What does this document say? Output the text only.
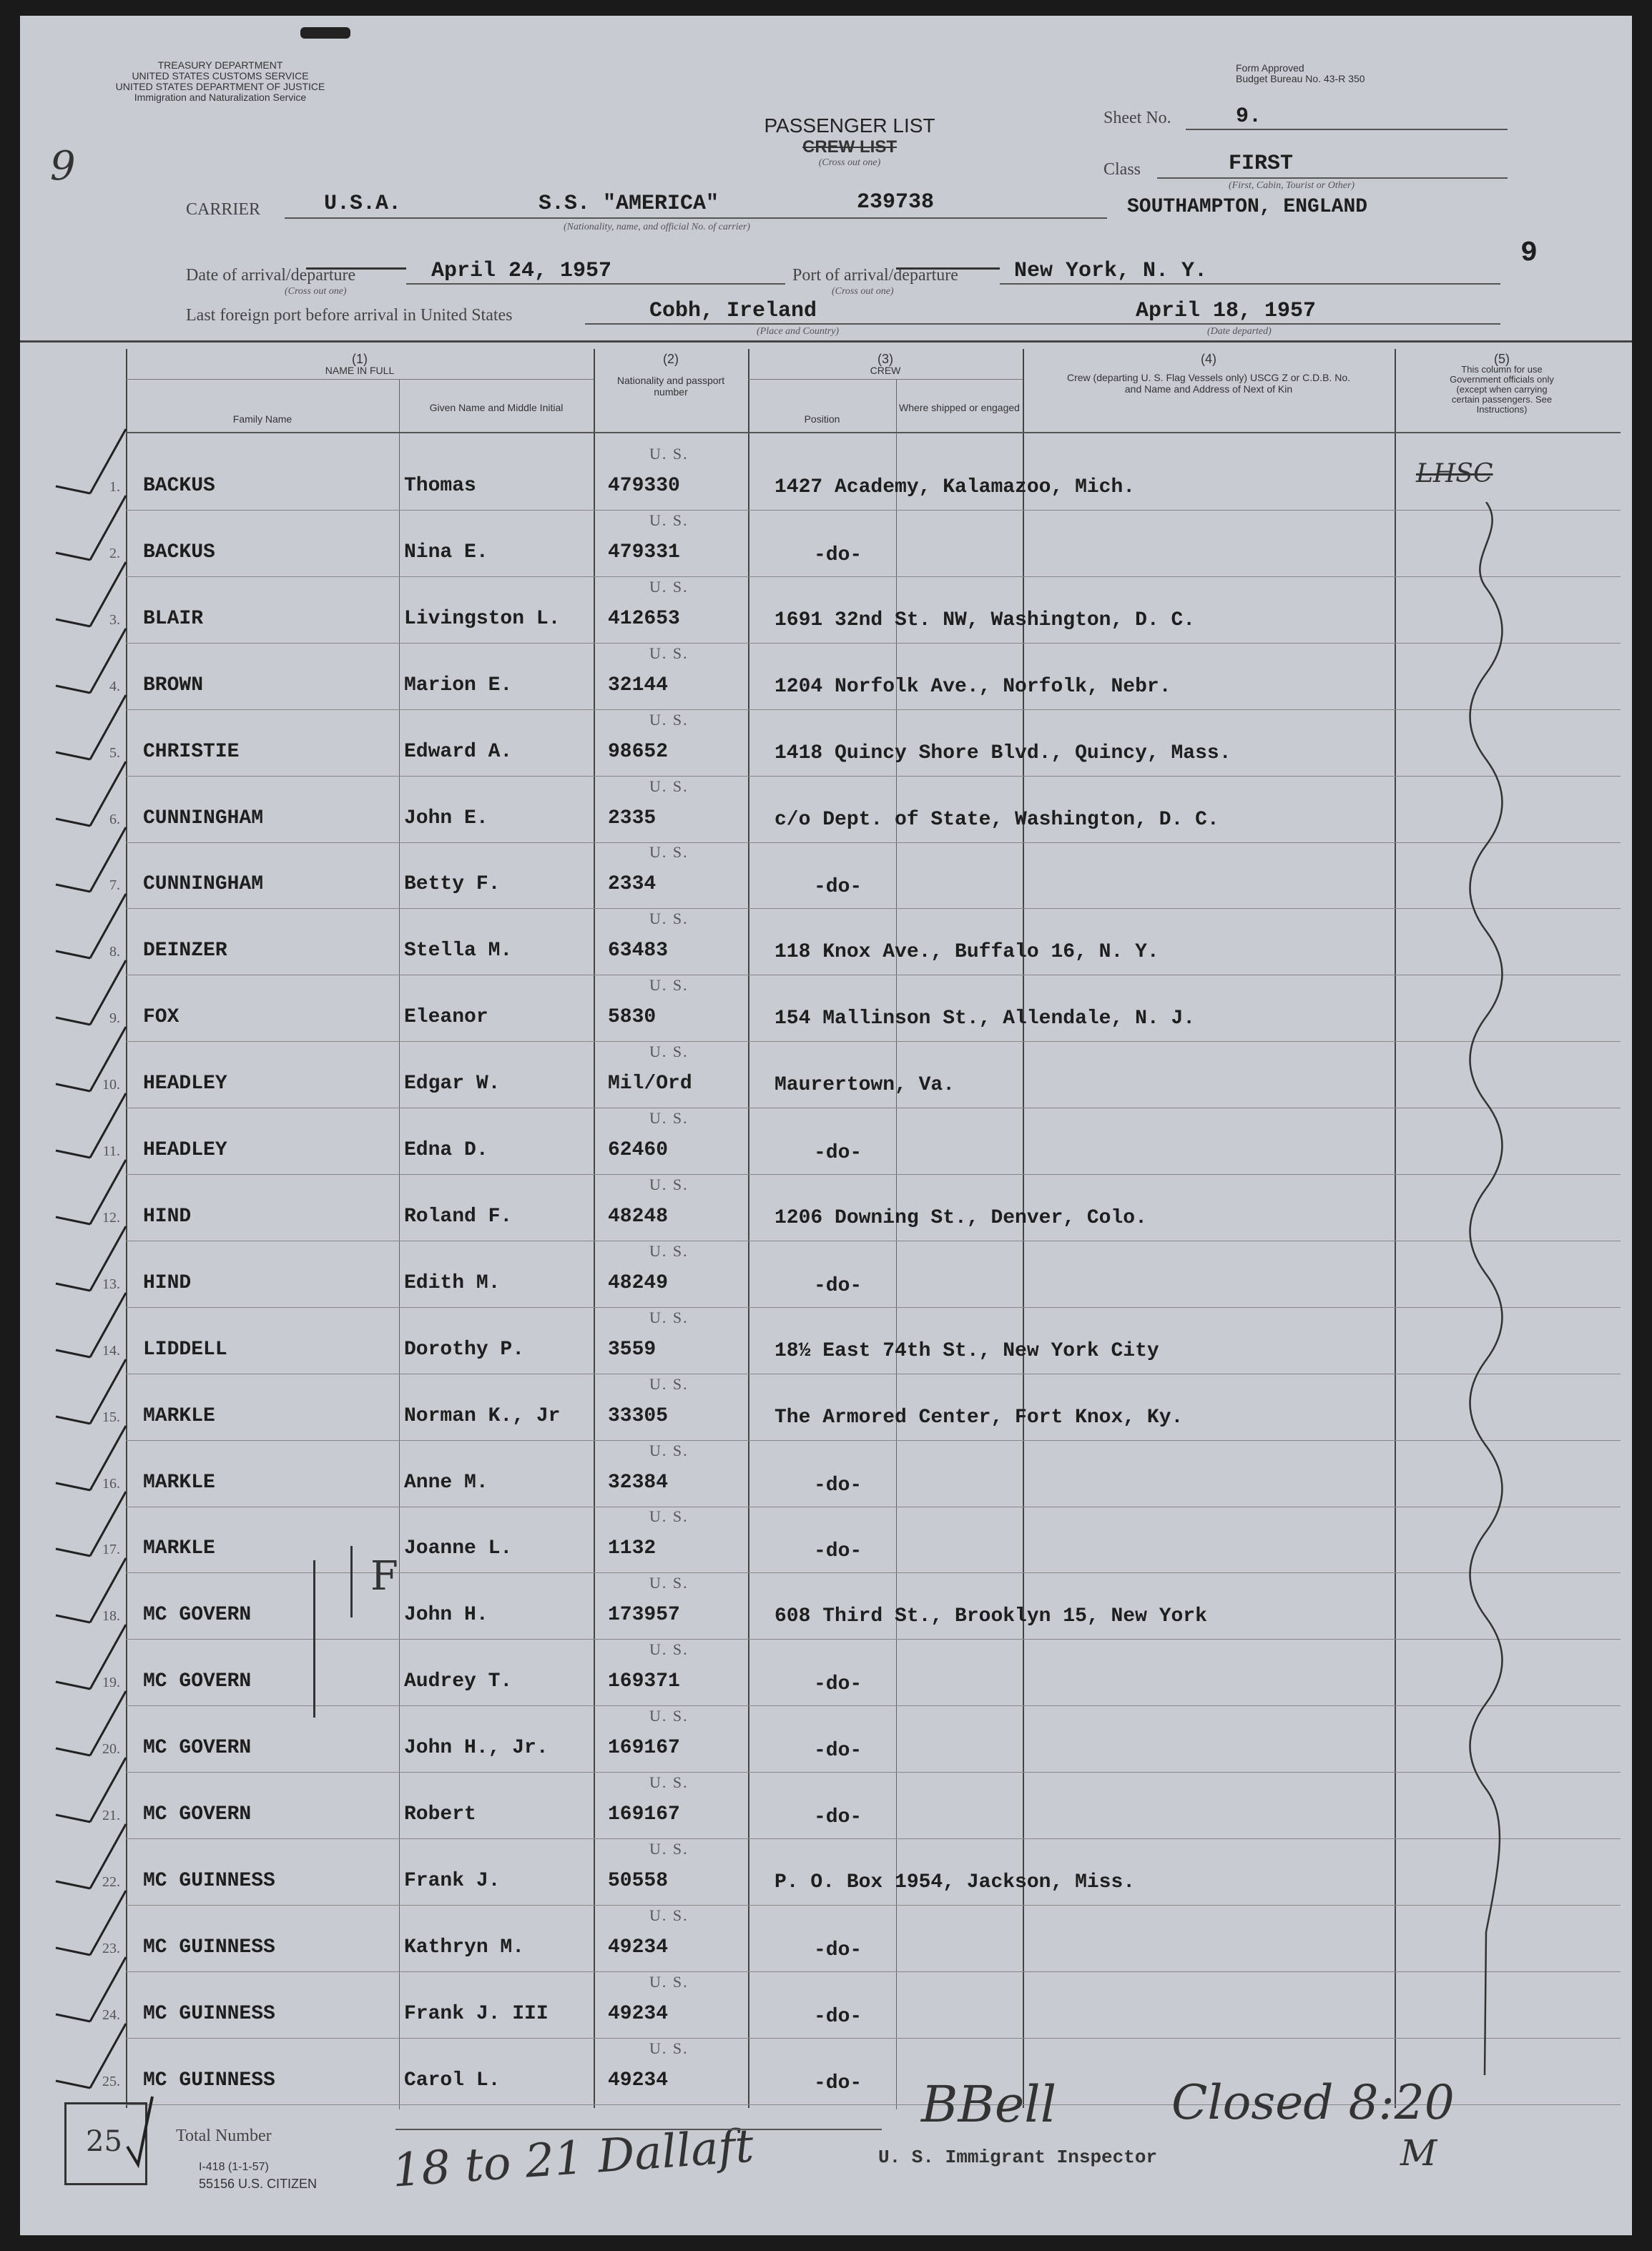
TREASURY DEPARTMENT
UNITED STATES CUSTOMS SERVICE
UNITED STATES DEPARTMENT OF JUSTICE
Immigration and Naturalization Service
Form Approved
Budget Bureau No. 43-R 350
9
9
PASSENGER LIST
CREW LIST
(Cross out one)
Sheet No.	9.
Class	FIRST
(First, Cabin, Tourist or Other)
CARRIER	U.S.A.	S.S. "AMERICA"	239738
(Nationality, name, and official No. of carrier)
SOUTHAMPTON, ENGLAND
Date of arrival/departure	April 24, 1957
(Cross out one)
Port of arrival/departure	New York, N. Y.
(Cross out one)
Last foreign port before arrival in United States	Cobh, Ireland
(Place and Country)
April 18, 1957
(Date departed)
(1)
NAME IN FULL
Family Name
Given Name and Middle Initial
(2)
Nationality and passport number
(3)
CREW
Position
Where shipped or engaged
(4)
Crew (departing U. S. Flag Vessels only) USCG Z or C.D.B. No. and Name and Address of Next of Kin
(5)
This column for use Government officials only (except when carrying certain passengers. See Instructions)
U. S.
1. BACKUS	Thomas	479330	1427 Academy, Kalamazoo, Mich.
U. S.
2. BACKUS	Nina E.	479331	-do-
U. S.
3. BLAIR	Livingston L. 412653	1691 32nd St. NW, Washington, D. C.
U. S.
4. BROWN	Marion E.	32144	1204 Norfolk Ave., Norfolk, Nebr.
U. S.
5. CHRISTIE	Edward A.	98652	1418 Quincy Shore Blvd., Quincy, Mass.
U. S.
6. CUNNINGHAM	John E.	2335	c/o Dept. of State, Washington, D. C.
U. S.
7. CUNNINGHAM	Betty F.	2334	-do-
U. S.
8. DEINZER	Stella M.	63483	118 Knox Ave., Buffalo 16, N. Y.
U. S.
9. FOX	Eleanor	5830	154 Mallinson St., Allendale, N. J.
U. S.
10. HEADLEY	Edgar W.	Mil/Ord	Maurertown, Va.
U. S.
11. HEADLEY	Edna D.	62460	-do-
U. S.
12. HIND	Roland F.	48248	1206 Downing St., Denver, Colo.
U. S.
13. HIND	Edith M.	48249	-do-
U. S.
14. LIDDELL	Dorothy P.	3559	18½ East 74th St., New York City
U. S.
15. MARKLE	Norman K., Jr 33305	The Armored Center, Fort Knox, Ky.
U. S.
16. MARKLE	Anne M.	32384	-do-
U. S.
17. MARKLE	Joanne L.	1132	-do-
U. S.
18. MC GOVERN	John H.	173957	608 Third St., Brooklyn 15, New York
U. S.
19. MC GOVERN	Audrey T.	169371	-do-
U. S.
20. MC GOVERN	John H., Jr.	169167	-do-
U. S.
21. MC GOVERN	Robert	169167	-do-
U. S.
22. MC GUINNESS	Frank J.	50558	P. O. Box 1954, Jackson, Miss.
U. S.
23. MC GUINNESS	Kathryn M.	49234	-do-
U. S.
24. MC GUINNESS	Frank J. III	49234	-do-
U. S.
25. MC GUINNESS	Carol L.	49234	-do-
LHSC
F
25	Total Number
I-418 (1-1-57)
55156 U.S. CITIZEN 18 to 21 Dallaft	U. S. Immigrant Inspector
BBell Closed 8:20
M
